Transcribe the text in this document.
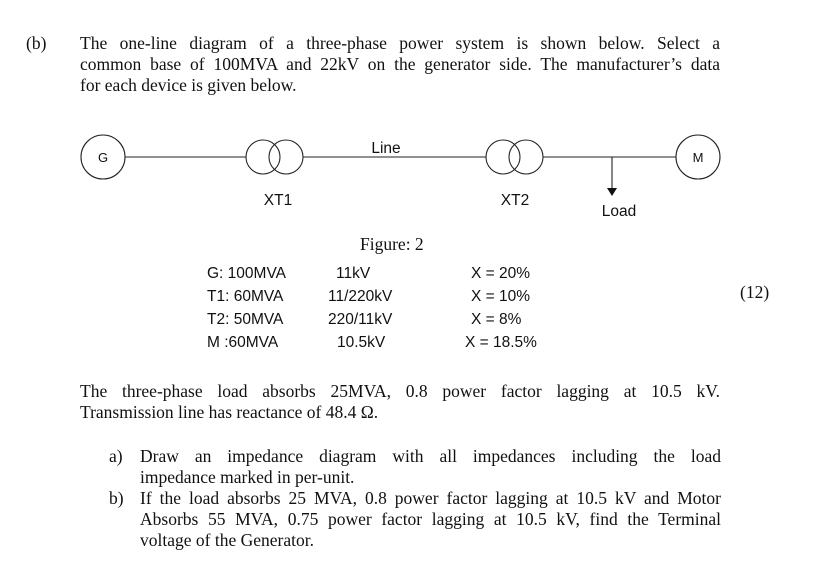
(b) The one-line diagram of a three-phase power system is shown below. Select a
common base of 100MVA and 22kV on the generator side. The manufacturer’s data
for each device is given below.
G	M
Line
XT1	XT2
Load
Figure: 2
G: 100MVA	11kV	X = 20%
T1: 60MVA	11/220kV	X = 10%
T2: 50MVA	220/11kV	X = 8%
M :60MVA	10.5kV	X = 18.5%
(12)
The three-phase load absorbs 25MVA, 0.8 power factor lagging at 10.5 kV.
Transmission line has reactance of 48.4 Ω.
a) Draw an impedance diagram with all impedances including the load
impedance marked in per-unit.
b) If the load absorbs 25 MVA, 0.8 power factor lagging at 10.5 kV and Motor
Absorbs 55 MVA, 0.75 power factor lagging at 10.5 kV, find the Terminal
voltage of the Generator.
